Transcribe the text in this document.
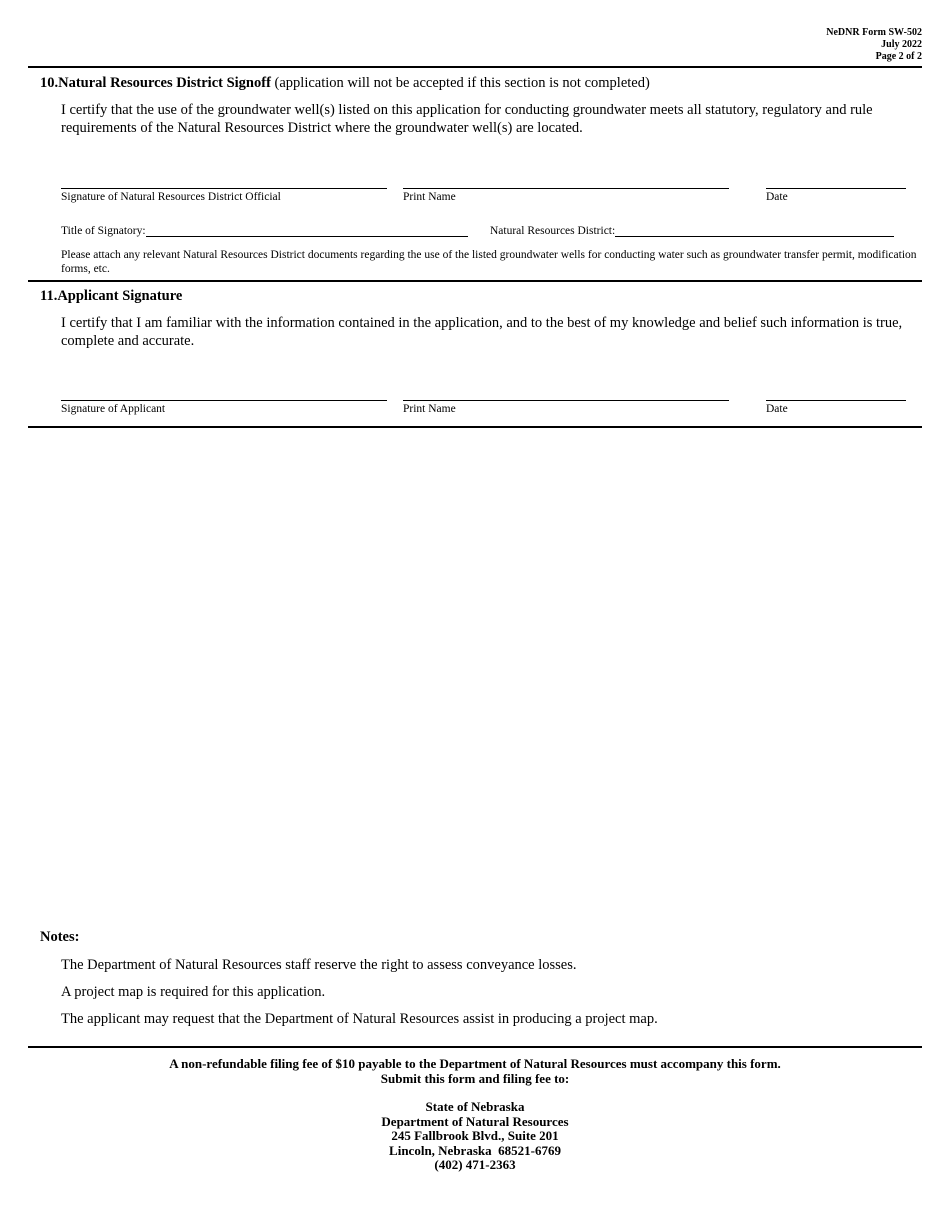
NeDNR Form SW-502
July 2022
Page 2 of 2
10.Natural Resources District Signoff (application will not be accepted if this section is not completed)
I certify that the use of the groundwater well(s) listed on this application for conducting groundwater meets all statutory, regulatory and rule requirements of the Natural Resources District where the groundwater well(s) are located.
Signature of Natural Resources District Official	Print Name	Date
Title of Signatory:	Natural Resources District:
Please attach any relevant Natural Resources District documents regarding the use of the listed groundwater wells for conducting water such as groundwater transfer permit, modification forms, etc.
11.Applicant Signature
I certify that I am familiar with the information contained in the application, and to the best of my knowledge and belief such information is true, complete and accurate.
Signature of Applicant	Print Name	Date
Notes:
The Department of Natural Resources staff reserve the right to assess conveyance losses.
A project map is required for this application.
The applicant may request that the Department of Natural Resources assist in producing a project map.
A non-refundable filing fee of $10 payable to the Department of Natural Resources must accompany this form.
Submit this form and filing fee to:
State of Nebraska
Department of Natural Resources
245 Fallbrook Blvd., Suite 201
Lincoln, Nebraska  68521-6769
(402) 471-2363
